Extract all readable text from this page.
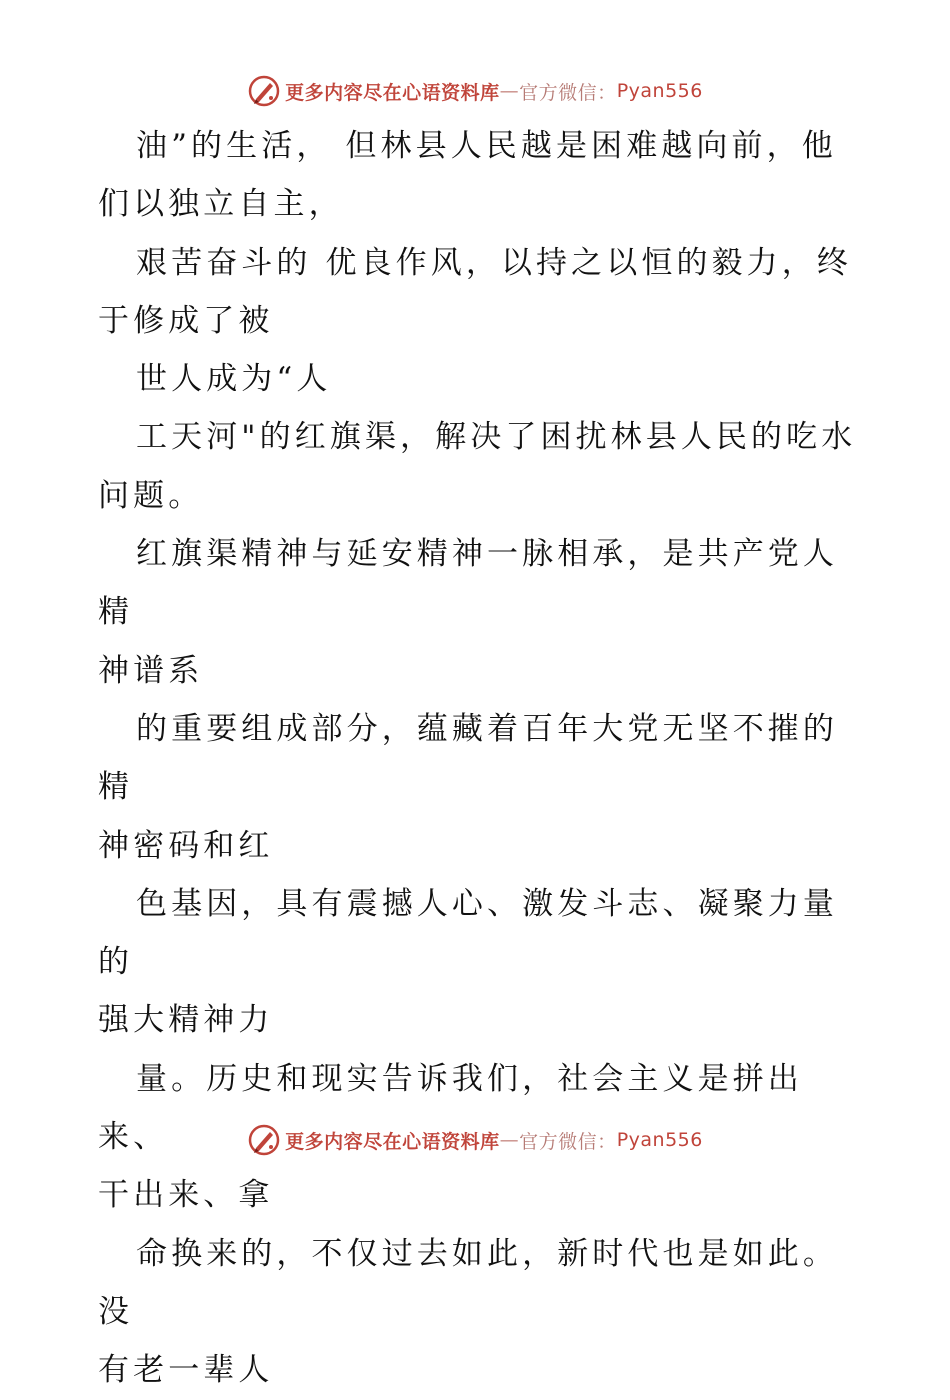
更多内容尽在心语资料库 — 官方微信： Pyan556

油”的生活， 但林县人民越是困难越向前，他
们以独立自主，

艰苦奋斗的 优良作风，以持之以恒的毅力，终
于修成了被

世人成为“人

工天河"的红旗渠，解决了困扰林县人民的吃水
问题。

红旗渠精神与延安精神一脉相承，是共产党人精
神谱系

的重要组成部分，蕴藏着百年大党无坚不摧的精
神密码和红

色基因，具有震撼人心、激发斗志、凝聚力量的
强大精神力

量。历史和现实告诉我们，社会主义是拼出来、
干出来、拿

命换来的，不仅过去如此，新时代也是如此。没
有老一辈人

更多内容尽在心语资料库 — 官方微信： Pyan556
